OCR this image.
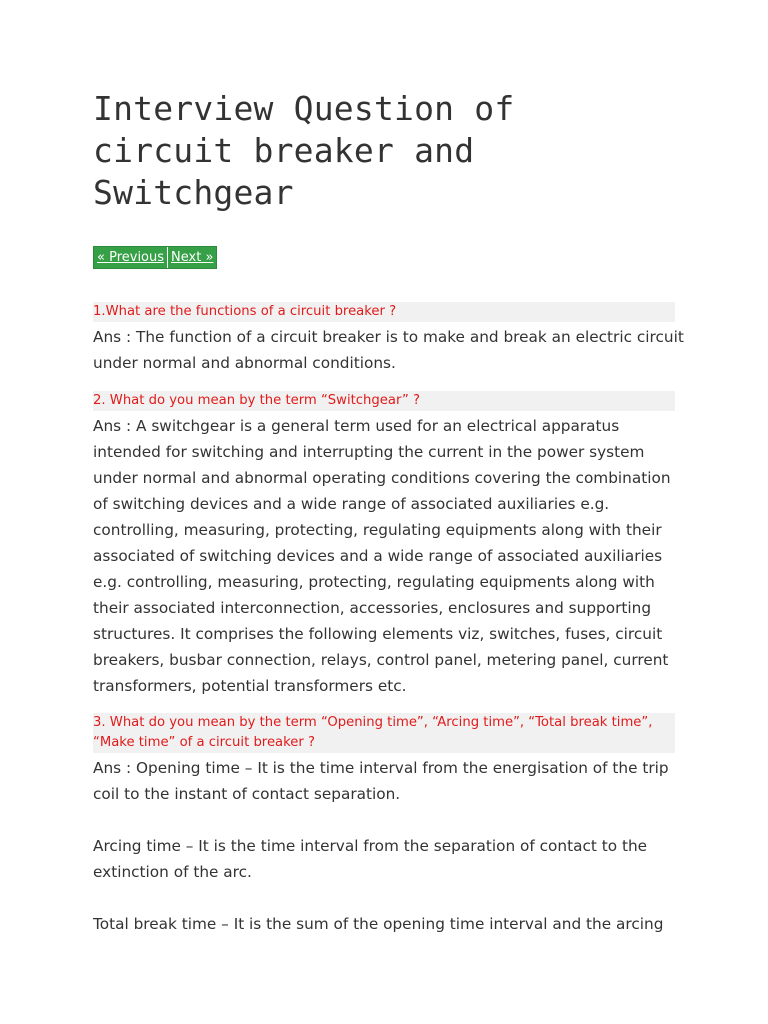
Interview Question of
circuit breaker and
Switchgear
« Previous Next »
1.What are the functions of a circuit breaker ?
Ans : The function of a circuit breaker is to make and break an electric circuit
under normal and abnormal conditions.
2. What do you mean by the term “Switchgear” ?
Ans : A switchgear is a general term used for an electrical apparatus
intended for switching and interrupting the current in the power system
under normal and abnormal operating conditions covering the combination
of switching devices and a wide range of associated auxiliaries e.g.
controlling, measuring, protecting, regulating equipments along with their
associated of switching devices and a wide range of associated auxiliaries
e.g. controlling, measuring, protecting, regulating equipments along with
their associated interconnection, accessories, enclosures and supporting
structures. It comprises the following elements viz, switches, fuses, circuit
breakers, busbar connection, relays, control panel, metering panel, current
transformers, potential transformers etc.
3. What do you mean by the term “Opening time”, “Arcing time”, “Total break time”,
“Make time” of a circuit breaker ?
Ans : Opening time – It is the time interval from the energisation of the trip
coil to the instant of contact separation.
Arcing time – It is the time interval from the separation of contact to the
extinction of the arc.
Total break time – It is the sum of the opening time interval and the arcing
